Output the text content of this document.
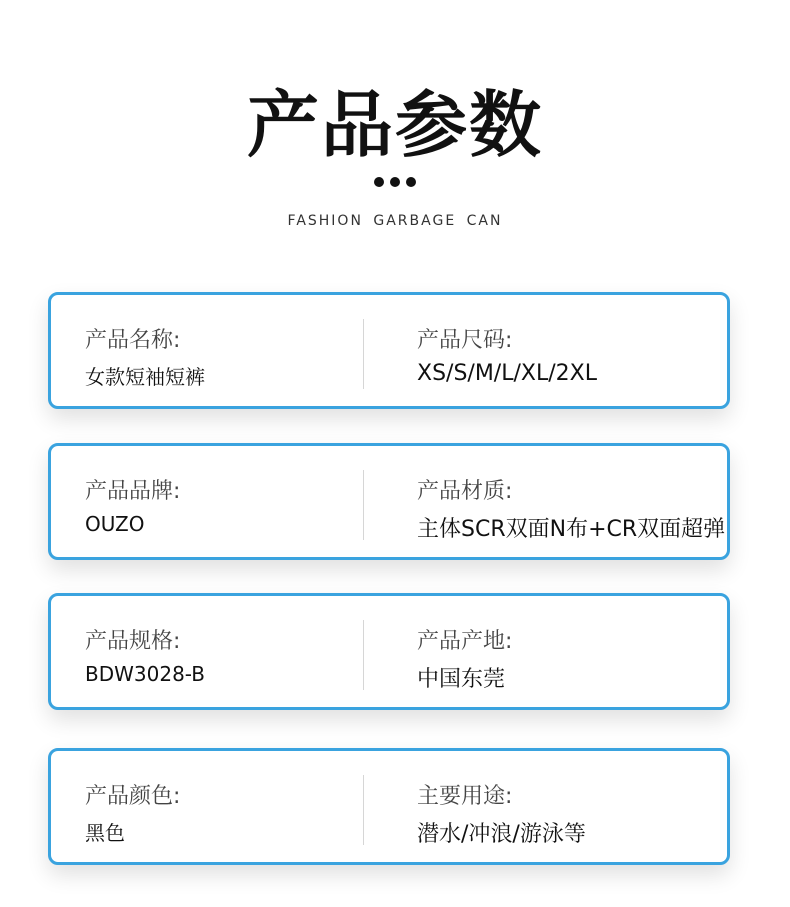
产品参数
FASHION GARBAGE CAN
产品名称:
女款短袖短裤
产品尺码:
XS/S/M/L/XL/2XL
产品品牌:
OUZO
产品材质:
主体SCR双面N布+CR双面超弹
产品规格:
BDW3028-B
产品产地:
中国东莞
产品颜色:
黑色
主要用途:
潜水/冲浪/游泳等
